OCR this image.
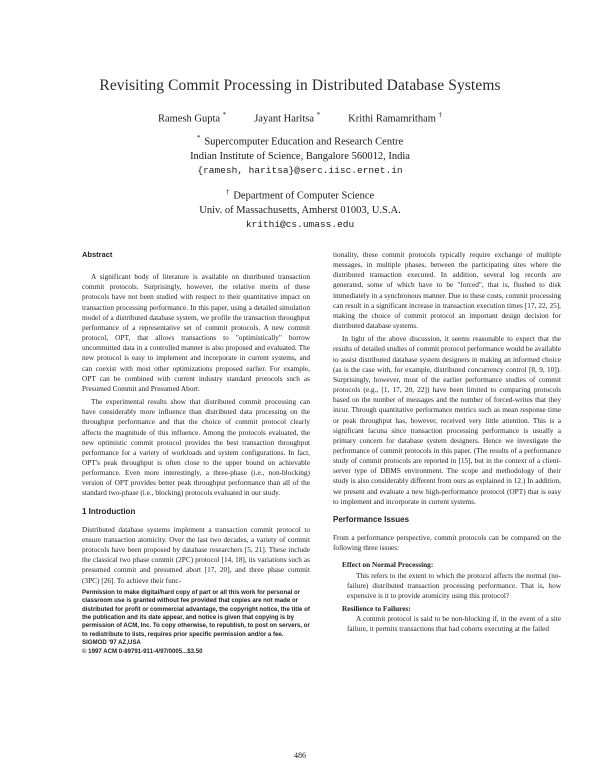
Revisiting Commit Processing in Distributed Database Systems
Ramesh Gupta *	Jayant Haritsa *	Krithi Ramamritham †
* Supercomputer Education and Research Centre
Indian Institute of Science, Bangalore 560012, India
{ramesh, haritsa}@serc.iisc.ernet.in
† Department of Computer Science
Univ. of Massachusetts, Amherst 01003, U.S.A.
krithi@cs.umass.edu
Abstract

A significant body of literature is available on distributed transaction commit protocols. Surprisingly, however, the relative merits of these protocols have not been studied with respect to their quantitative impact on transaction processing performance. In this paper, using a detailed simulation model of a distributed database system, we profile the transaction throughput performance of a representative set of commit protocols. A new commit protocol, OPT, that allows transactions to "optimistically" borrow uncommitted data in a controlled manner is also proposed and evaluated. The new protocol is easy to implement and incorporate in current systems, and can coexist with most other optimizations proposed earlier. For example, OPT can be combined with current industry standard protocols such as Presumed Commit and Presumed Abort.

The experimental results show that distributed commit processing can have considerably more influence than distributed data processing on the throughput performance and that the choice of commit protocol clearly affects the magnitude of this influence. Among the protocols evaluated, the new optimistic commit protocol provides the best transaction throughput performance for a variety of workloads and system configurations. In fact, OPT's peak throughput is often close to the upper bound on achievable performance. Even more interestingly, a three-phase (i.e., non-blocking) version of OPT provides better peak throughput performance than all of the standard two-phase (i.e., blocking) protocols evaluated in our study.

1 Introduction

Distributed database systems implement a transaction commit protocol to ensure transaction atomicity. Over the last two decades, a variety of commit protocols have been proposed by database researchers [5, 21]. These include the classical two phase commit (2PC) protocol [14, 18], its variations such as presumed commit and presumed abort [17, 20], and three phase commit (3PC) [26]. To achieve their func-

Permission to make digital/hard copy of part or all this work for personal or classroom use is granted without fee provided that copies are not made or distributed for profit or commercial advantage, the copyright notice, the title of the publication and its date appear, and notice is given that copying is by permission of ACM, Inc. To copy otherwise, to republish, to post on servers, or to redistribute to lists, requires prior specific permission and/or a fee.
SIGMOD '97 AZ,USA
© 1997 ACM 0-89791-911-4/97/0005...$3.50

tionality, these commit protocols typically require exchange of multiple messages, in multiple phases, between the participating sites where the distributed transaction executed. In addition, several log records are generated, some of which have to be "forced", that is, flushed to disk immediately in a synchronous manner. Due to these costs, commit processing can result in a significant increase in transaction execution times [17, 22, 25], making the choice of commit protocol an important design decision for distributed database systems.

In light of the above discussion, it seems reasonable to expect that the results of detailed studies of commit protocol performance would be available to assist distributed database system designers in making an informed choice (as is the case with, for example, distributed concurrency control [8, 9, 10]). Surprisingly, however, most of the earlier performance studies of commit protocols (e.g., [1, 17, 20, 22]) have been limited to comparing protocols based on the number of messages and the number of forced-writes that they incur. Through quantitative performance metrics such as mean response time or peak throughput has, however, received very little attention. This is a significant lacuna since transaction processing performance is usually a primary concern for database system designers. Hence we investigate the performance of commit protocols in this paper. (The results of a performance study of commit protocols are reported in [15], but in the context of a client-server type of DBMS environment. The scope and methodology of their study is also considerably different from ours as explained in 12.) In addition, we present and evaluate a new high-performance protocol (OPT) that is easy to implement and incorporate in current systems.

Performance Issues

From a performance perspective, commit protocols can be compared on the following three issues:

Effect on Normal Processing:
This refers to the extent to which the protocol affects the normal (no-failure) distributed transaction processing performance. That is, how expensive is it to provide atomicity using this protocol?

Resilience to Failures:
A commit protocol is said to be non-blocking if, in the event of a site failure, it permits transactions that had cohorts executing at the failed

486
